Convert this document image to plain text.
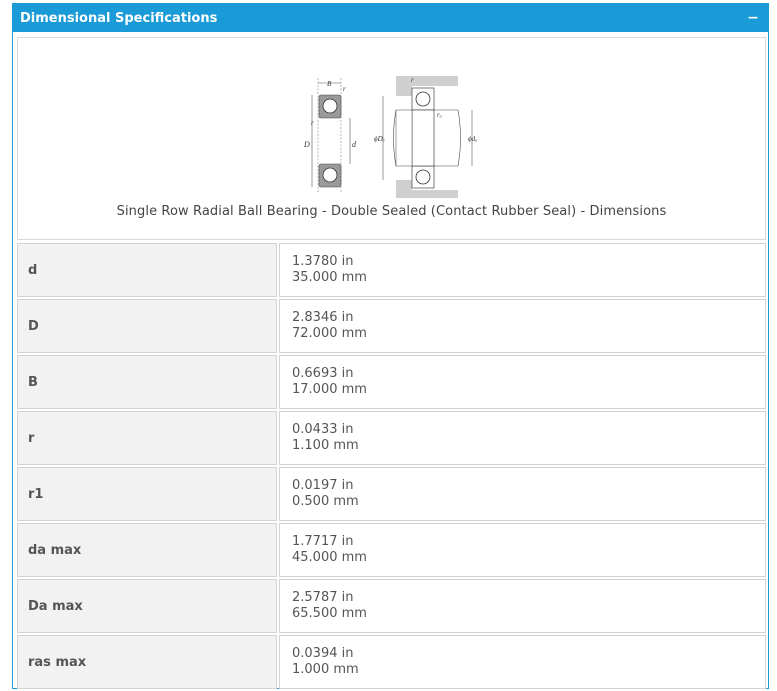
Dimensional Specifications	−
B
r
D	d
r
r
rₐ
ϕDₐ	ϕdₐ
Single Row Radial Ball Bearing - Double Sealed (Contact Rubber Seal) - Dimensions
d
1.3780 in
35.000 mm
D
2.8346 in
72.000 mm
B
0.6693 in
17.000 mm
r
0.0433 in
1.100 mm
r1
0.0197 in
0.500 mm
da max
1.7717 in
45.000 mm
Da max
2.5787 in
65.500 mm
ras max
0.0394 in
1.000 mm
